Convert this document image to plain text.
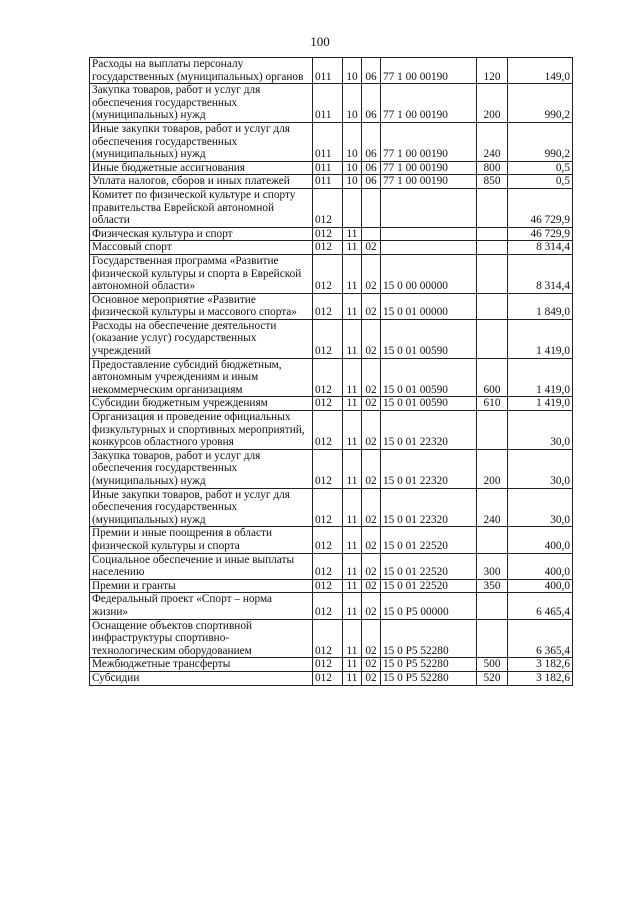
100
Расходы на выплаты персоналу государственных (муниципальных) органов	011	10	06	77 1 00 00190	120	149,0
Закупка товаров, работ и услуг для обеспечения государственных (муниципальных) нужд	011	10	06	77 1 00 00190	200	990,2
Иные закупки товаров, работ и услуг для обеспечения государственных (муниципальных) нужд	011	10	06	77 1 00 00190	240	990,2
Иные бюджетные ассигнования	011	10	06	77 1 00 00190	800	0,5
Уплата налогов, сборов и иных платежей	011	10	06	77 1 00 00190	850	0,5
Комитет по физической культуре и спорту правительства Еврейской автономной области	012					46 729,9
Физическая культура и спорт	012	11				46 729,9
Массовый спорт	012	11	02			8 314,4
Государственная программа «Развитие физической культуры и спорта в Еврейской автономной области»	012	11	02	15 0 00 00000		8 314,4
Основное мероприятие «Развитие физической культуры и массового спорта»	012	11	02	15 0 01 00000		1 849,0
Расходы на обеспечение деятельности (оказание услуг) государственных учреждений	012	11	02	15 0 01 00590		1 419,0
Предоставление субсидий бюджетным, автономным учреждениям и иным некоммерческим организациям	012	11	02	15 0 01 00590	600	1 419,0
Субсидии бюджетным учреждениям	012	11	02	15 0 01 00590	610	1 419,0
Организация и проведение официальных физкультурных и спортивных мероприятий, конкурсов областного уровня	012	11	02	15 0 01 22320		30,0
Закупка товаров, работ и услуг для обеспечения государственных (муниципальных) нужд	012	11	02	15 0 01 22320	200	30,0
Иные закупки товаров, работ и услуг для обеспечения государственных (муниципальных) нужд	012	11	02	15 0 01 22320	240	30,0
Премии и иные поощрения в области физической культуры и спорта	012	11	02	15 0 01 22520		400,0
Социальное обеспечение и иные выплаты населению	012	11	02	15 0 01 22520	300	400,0
Премии и гранты	012	11	02	15 0 01 22520	350	400,0
Федеральный проект «Спорт – норма жизни»	012	11	02	15 0 P5 00000		6 465,4
Оснащение объектов спортивной инфраструктуры спортивно-технологическим оборудованием	012	11	02	15 0 P5 52280		6 365,4
Межбюджетные трансферты	012	11	02	15 0 P5 52280	500	3 182,6
Субсидии	012	11	02	15 0 P5 52280	520	3 182,6
